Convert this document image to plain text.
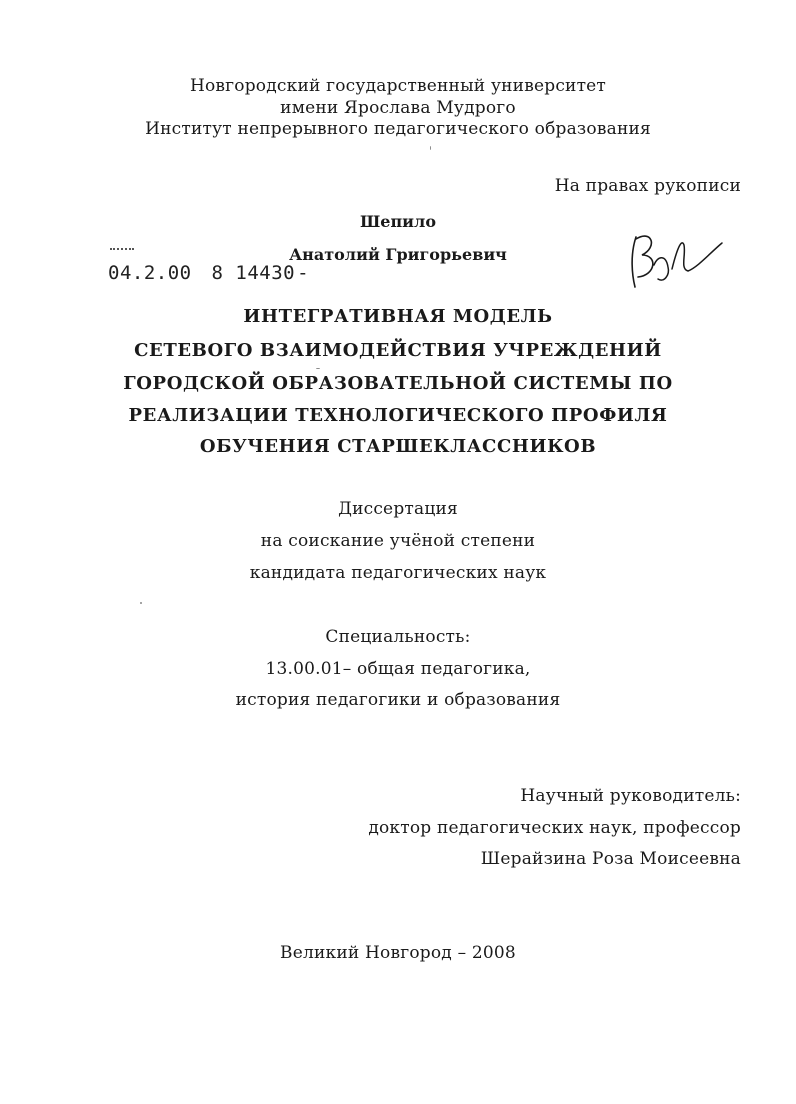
Новгородский государственный университет
имени Ярослава Мудрого
Институт непрерывного педагогического образования
На правах рукописи
Шепило
Анатолий Григорьевич
04.2.00 8 14430 -
ИНТЕГРАТИВНАЯ МОДЕЛЬ
СЕТЕВОГО ВЗАИМОДЕЙСТВИЯ УЧРЕЖДЕНИЙ
ГОРОДСКОЙ ОБРАЗОВАТЕЛЬНОЙ СИСТЕМЫ ПО
РЕАЛИЗАЦИИ ТЕХНОЛОГИЧЕСКОГО ПРОФИЛЯ
ОБУЧЕНИЯ СТАРШЕКЛАССНИКОВ
Диссертация
на соискание учёной степени
кандидата педагогических наук
Специальность:
13.00.01– общая педагогика,
история педагогики и образования
Научный руководитель:
доктор педагогических наук, профессор
Шерайзина Роза Моисеевна
Великий Новгород – 2008
